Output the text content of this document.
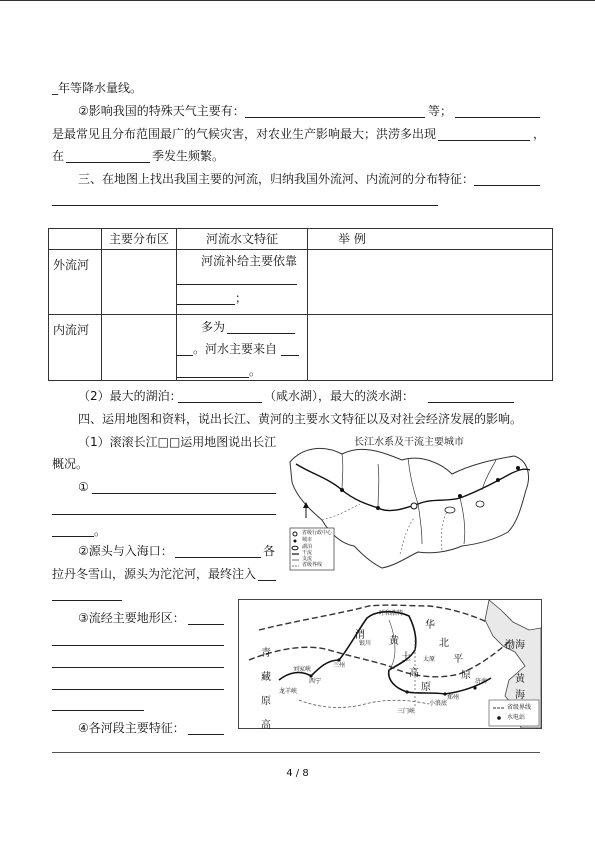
_年等降水量线。
②影响我国的特殊天气主要有：	等；
是最常见且分布范围最广的气候灾害，对农业生产影响最大；洪涝多出现	，
在	季发生频繁。
三、在地图上找出我国主要的河流，归纳我国外流河、内流河的分布特征：
	主要分布区	河流水文特征	举 例

外流河		河流补给主要依靠
；	

内流河		多为
。河水主要来自
。	

（2）最大的湖泊：	（咸水湖），最大的淡水湖：
四、运用地图和资料，说出长江、黄河的主要水文特征以及对社会经济发展的影响。
（1）滚滚长江□□运用地图说出长江
概况。
①
。
②源头与入海口：	各
拉丹冬雪山，源头为沱沱河，最终注入
③流经主要地形区：
④各河段主要特征：
长江水系及干流主要城市
省级行政中心
城市
湖泊
干流
支流
省级界线
青
藏
原
高
渭
黄
土
高
原
华
北
平
原
渤海
黄
海
三门峡
刘家峡
龙羊峡
小浪底
西宁
兰州
银川
呼和浩特
太原
郑州
济南
省级界线
水电站
4 / 8
